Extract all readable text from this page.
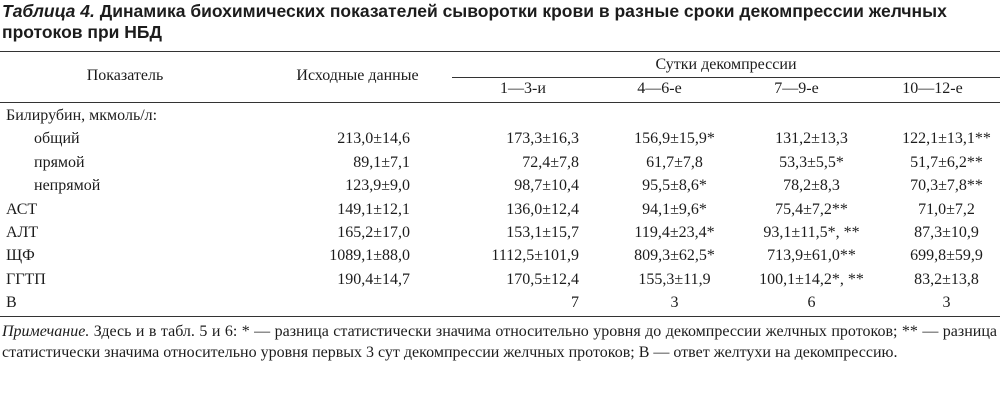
Таблица 4. Динамика биохимических показателей сыворотки крови в разные сроки декомпрессии желчных протоков при НБД
Показатель	Исходные данные
Сутки декомпрессии
1—3-и	4—6-е	7—9-е	10—12-е
Билирубин, мкмоль/л:					
общий	213,0±14,6	173,3±16,3	156,9±15,9*	131,2±13,3	122,1±13,1**
прямой	89,1±7,1	72,4±7,8	61,7±7,8	53,3±5,5*	51,7±6,2**
непрямой	123,9±9,0	98,7±10,4	95,5±8,6*	78,2±8,3	70,3±7,8**
АСТ	149,1±12,1	136,0±12,4	94,1±9,6*	75,4±7,2**	71,0±7,2
АЛТ	165,2±17,0	153,1±15,7	119,4±23,4*	93,1±11,5*, **	87,3±10,9
ЩФ	1089,1±88,0	1112,5±101,9	809,3±62,5*	713,9±61,0**	699,8±59,9
ГГТП	190,4±14,7	170,5±12,4	155,3±11,9	100,1±14,2*, **	83,2±13,8
В		7	3	6	3
Примечание. Здесь и в табл. 5 и 6: * — разница статистически значима относительно уровня до декомпрессии желчных протоков; ** — разница статистически значима относительно уровня первых 3 сут декомпрессии желчных протоков; В — ответ желтухи на декомпрессию.
